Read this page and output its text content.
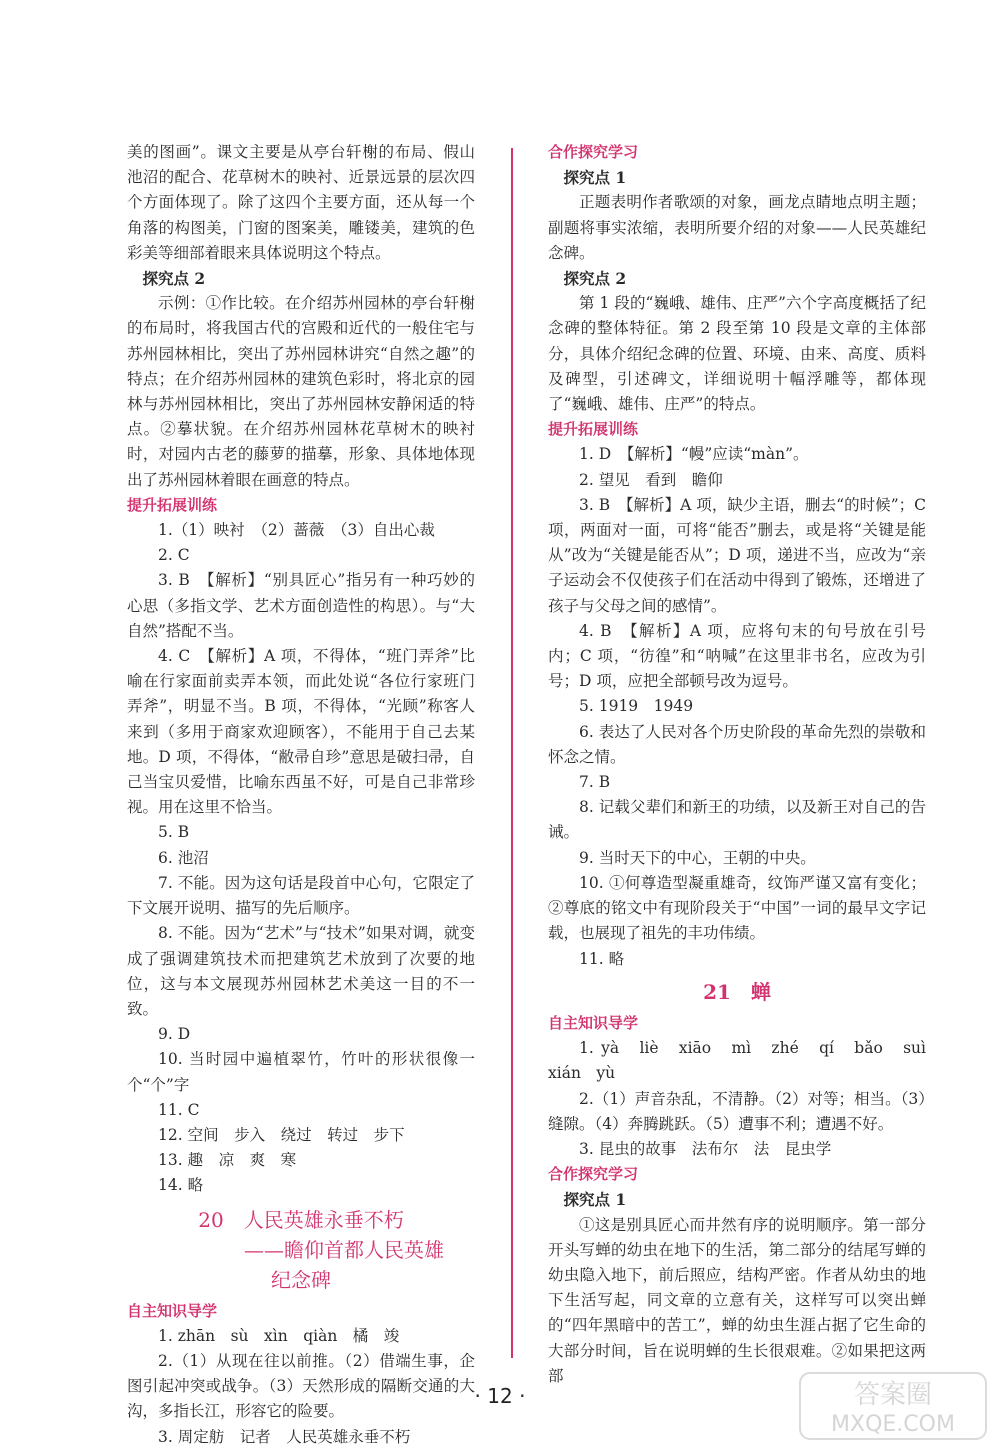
美的图画”。课文主要是从亭台轩榭的布局、假山池沼的配合、花草树木的映衬、近景远景的层次四个方面体现了。除了这四个主要方面，还从每一个角落的构图美，门窗的图案美，雕镂美，建筑的色彩美等细部着眼来具体说明这个特点。

探究点 2

示例：①作比较。在介绍苏州园林的亭台轩榭的布局时，将我国古代的宫殿和近代的一般住宅与苏州园林相比，突出了苏州园林讲究“自然之趣”的特点；在介绍苏州园林的建筑色彩时，将北京的园林与苏州园林相比，突出了苏州园林安静闲适的特点。②摹状貌。在介绍苏州园林花草树木的映衬时，对园内古老的藤萝的描摹，形象、具体地体现出了苏州园林着眼在画意的特点。

提升拓展训练

1.（1）映衬　（2）蔷薇　（3）自出心裁

2. C

3. B　【解析】“别具匠心”指另有一种巧妙的心思（多指文学、艺术方面创造性的构思）。与“大自然”搭配不当。

4. C　【解析】A 项，不得体，“班门弄斧”比喻在行家面前卖弄本领，而此处说“各位行家班门弄斧”，明显不当。B 项，不得体，“光顾”称客人来到（多用于商家欢迎顾客），不能用于自己去某地。D 项，不得体，“敝帚自珍”意思是破扫帚，自己当宝贝爱惜，比喻东西虽不好，可是自己非常珍视。用在这里不恰当。

5. B

6. 池沼

7. 不能。因为这句话是段首中心句，它限定了下文展开说明、描写的先后顺序。

8. 不能。因为“艺术”与“技术”如果对调，就变成了强调建筑技术而把建筑艺术放到了次要的地位，这与本文展现苏州园林艺术美这一目的不一致。

9. D

10. 当时园中遍植翠竹，竹叶的形状很像一个“个”字

11. C

12. 空间　步入　绕过　转过　步下

13. 趣　凉　爽　寒

14. 略

20　人民英雄永垂不朽
——瞻仰首都人民英雄
纪念碑

自主知识导学

1. zhān　sù　xìn　qiàn　橘　竣

2.（1）从现在往以前推。（2）借端生事，企图引起冲突或战争。（3）天然形成的隔断交通的大沟，多指长江，形容它的险要。

3. 周定舫　记者　人民英雄永垂不朽

合作探究学习

探究点 1

正题表明作者歌颂的对象，画龙点睛地点明主题；副题将事实浓缩，表明所要介绍的对象——人民英雄纪念碑。

探究点 2

第 1 段的“巍峨、雄伟、庄严”六个字高度概括了纪念碑的整体特征。第 2 段至第 10 段是文章的主体部分，具体介绍纪念碑的位置、环境、由来、高度、质料及碑型，引述碑文，详细说明十幅浮雕等，都体现了“巍峨、雄伟、庄严”的特点。

提升拓展训练

1. D　【解析】“幔”应读“màn”。

2. 望见　看到　瞻仰

3. B　【解析】A 项，缺少主语，删去“的时候”；C 项，两面对一面，可将“能否”删去，或是将“关键是能从”改为“关键是能否从”；D 项，递进不当，应改为“亲子运动会不仅使孩子们在活动中得到了锻炼，还增进了孩子与父母之间的感情”。

4. B　【解析】A 项，应将句末的句号放在引号内；C 项，“彷徨”和“呐喊”在这里非书名，应改为引号；D 项，应把全部顿号改为逗号。

5. 1919　1949

6. 表达了人民对各个历史阶段的革命先烈的崇敬和怀念之情。

7. B

8. 记载父辈们和新王的功绩，以及新王对自己的告诫。

9. 当时天下的中心，王朝的中央。

10. ①何尊造型凝重雄奇，纹饰严谨又富有变化；②尊底的铭文中有现阶段关于“中国”一词的最早文字记载，也展现了祖先的丰功伟绩。

11. 略

21　蝉

自主知识导学

1. yà　liè　xiāo　mì　zhé　qí　bǎo　suì　xián　yù

2.（1）声音杂乱，不清静。（2）对等；相当。（3）缝隙。（4）奔腾跳跃。（5）遭事不利；遭遇不好。

3. 昆虫的故事　法布尔　法　昆虫学

合作探究学习

探究点 1

①这是别具匠心而井然有序的说明顺序。第一部分开头写蝉的幼虫在地下的生活，第二部分的结尾写蝉的幼虫隐入地下，前后照应，结构严密。作者从幼虫的地下生活写起，同文章的立意有关，这样写可以突出蝉的“四年黑暗中的苦工”，蝉的幼虫生涯占据了它生命的大部分时间，旨在说明蝉的生长很艰难。②如果把这两部

· 12 ·	答案圈
MXQE.COM
